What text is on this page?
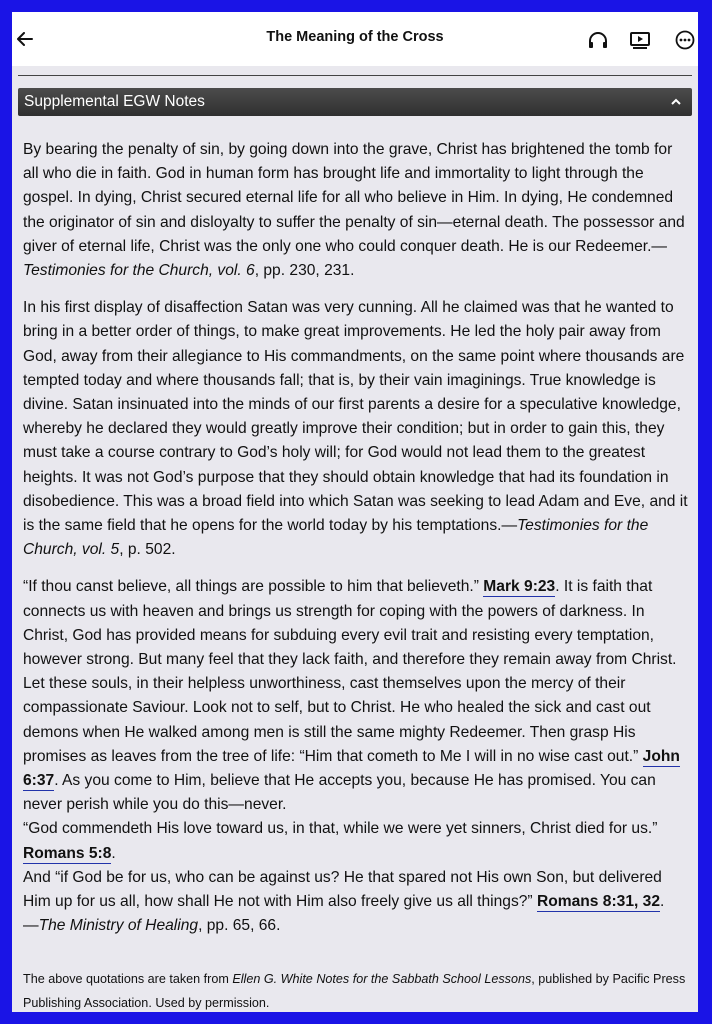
The Meaning of the Cross
Supplemental EGW Notes

By bearing the penalty of sin, by going down into the grave, Christ has brightened the tomb for all who die in faith. God in human form has brought life and immortality to light through the gospel. In dying, Christ secured eternal life for all who believe in Him. In dying, He condemned the originator of sin and disloyalty to suffer the penalty of sin—eternal death. The possessor and giver of eternal life, Christ was the only one who could conquer death. He is our Redeemer.—Testimonies for the Church, vol. 6, pp. 230, 231.

In his first display of disaffection Satan was very cunning. All he claimed was that he wanted to bring in a better order of things, to make great improvements. He led the holy pair away from God, away from their allegiance to His commandments, on the same point where thousands are tempted today and where thousands fall; that is, by their vain imaginings. True knowledge is divine. Satan insinuated into the minds of our first parents a desire for a speculative knowledge, whereby he declared they would greatly improve their condition; but in order to gain this, they must take a course contrary to God’s holy will; for God would not lead them to the greatest heights. It was not God’s purpose that they should obtain knowledge that had its foundation in disobedience. This was a broad field into which Satan was seeking to lead Adam and Eve, and it is the same field that he opens for the world today by his temptations.—Testimonies for the Church, vol. 5, p. 502.

“If thou canst believe, all things are possible to him that believeth.” Mark 9:23. It is faith that connects us with heaven and brings us strength for coping with the powers of darkness. In Christ, God has provided means for subduing every evil trait and resisting every temptation, however strong. But many feel that they lack faith, and therefore they remain away from Christ. Let these souls, in their helpless unworthiness, cast themselves upon the mercy of their compassionate Saviour. Look not to self, but to Christ. He who healed the sick and cast out demons when He walked among men is still the same mighty Redeemer. Then grasp His promises as leaves from the tree of life: “Him that cometh to Me I will in no wise cast out.” John 6:37. As you come to Him, believe that He accepts you, because He has promised. You can never perish while you do this—never.

“God commendeth His love toward us, in that, while we were yet sinners, Christ died for us.” Romans 5:8.

And “if God be for us, who can be against us? He that spared not His own Son, but delivered Him up for us all, how shall He not with Him also freely give us all things?” Romans 8:31, 32.

—The Ministry of Healing, pp. 65, 66.

The above quotations are taken from Ellen G. White Notes for the Sabbath School Lessons, published by Pacific Press Publishing Association. Used by permission.
